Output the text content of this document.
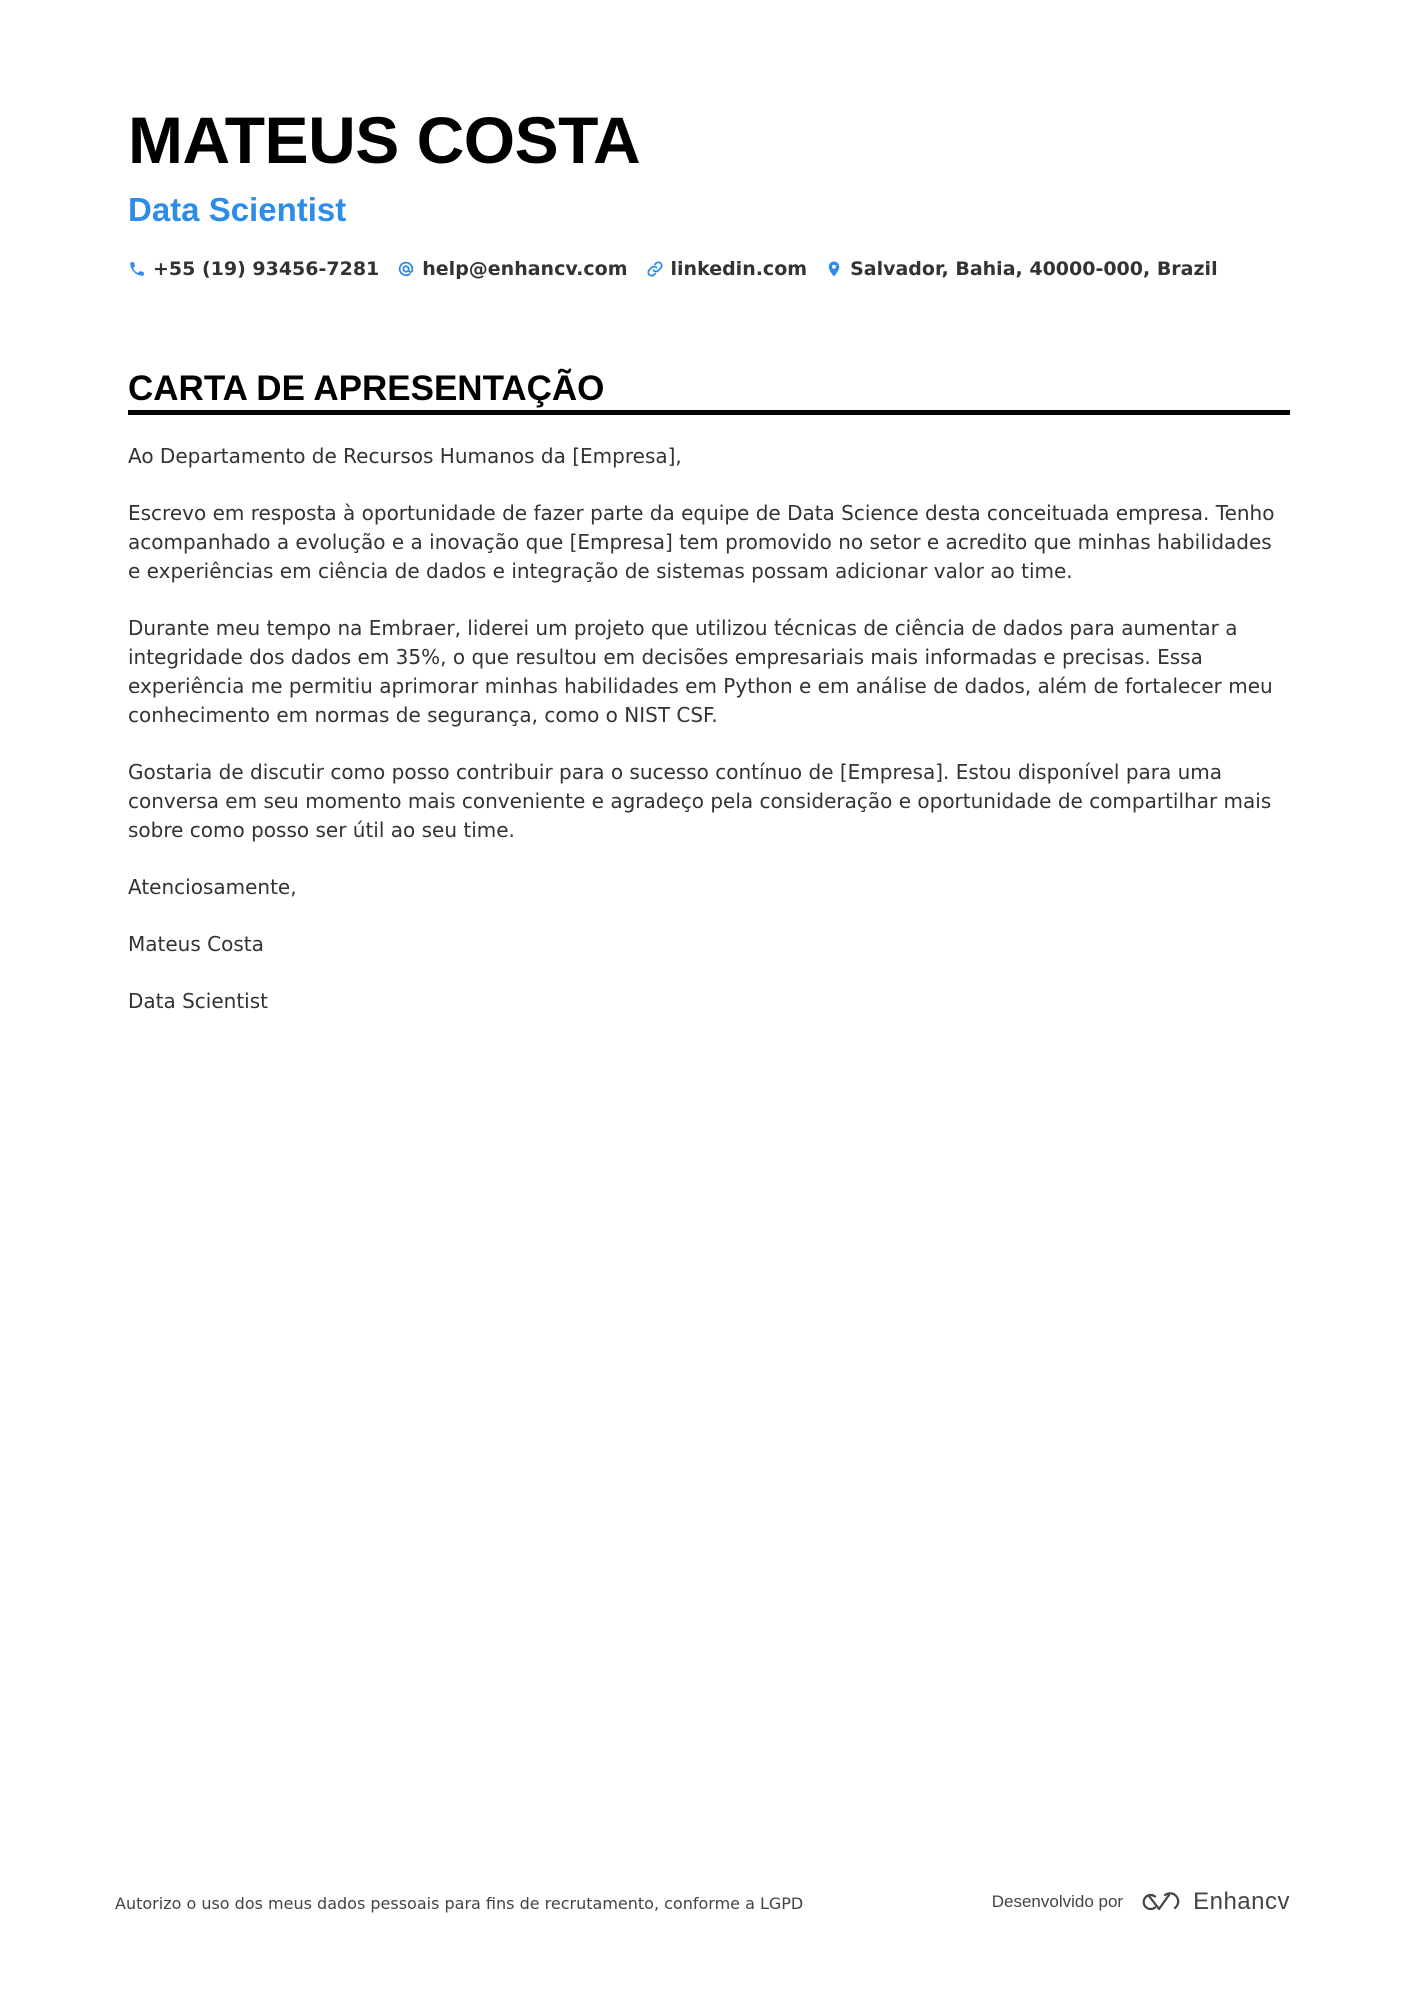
MATEUS COSTA
Data Scientist
+55 (19) 93456-7281 help@enhancv.com linkedin.com Salvador, Bahia, 40000-000, Brazil
CARTA DE APRESENTAÇÃO

Ao Departamento de Recursos Humanos da [Empresa],

Escrevo em resposta à oportunidade de fazer parte da equipe de Data Science desta conceituada empresa. Tenho acompanhado a evolução e a inovação que [Empresa] tem promovido no setor e acredito que minhas habilidades e experiências em ciência de dados e integração de sistemas possam adicionar valor ao time.

Durante meu tempo na Embraer, liderei um projeto que utilizou técnicas de ciência de dados para aumentar a integridade dos dados em 35%, o que resultou em decisões empresariais mais informadas e precisas. Essa experiência me permitiu aprimorar minhas habilidades em Python e em análise de dados, além de fortalecer meu conhecimento em normas de segurança, como o NIST CSF.

Gostaria de discutir como posso contribuir para o sucesso contínuo de [Empresa]. Estou disponível para uma conversa em seu momento mais conveniente e agradeço pela consideração e oportunidade de compartilhar mais sobre como posso ser útil ao seu time.

Atenciosamente,

Mateus Costa

Data Scientist

Autorizo o uso dos meus dados pessoais para fins de recrutamento, conforme a LGPD	Desenvolvido por	Enhancv
